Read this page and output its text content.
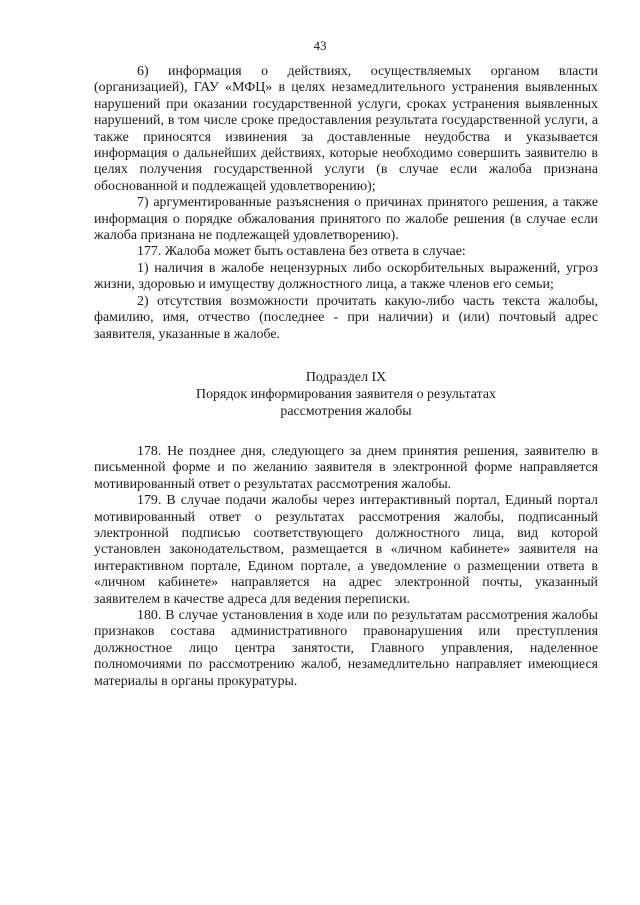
43

6) информация о действиях, осуществляемых органом власти (организацией), ГАУ «МФЦ» в целях незамедлительного устранения выявленных нарушений при оказании государственной услуги, сроках устранения выявленных нарушений, в том числе сроке предоставления результата государственной услуги, а также приносятся извинения за доставленные неудобства и указывается информация о дальнейших действиях, которые необходимо совершить заявителю в целях получения государственной услуги (в случае если жалоба признана обоснованной и подлежащей удовлетворению);

7) аргументированные разъяснения о причинах принятого решения, а также информация о порядке обжалования принятого по жалобе решения (в случае если жалоба признана не подлежащей удовлетворению).

177. Жалоба может быть оставлена без ответа в случае:

1) наличия в жалобе нецензурных либо оскорбительных выражений, угроз жизни, здоровью и имуществу должностного лица, а также членов его семьи;

2) отсутствия возможности прочитать какую-либо часть текста жалобы, фамилию, имя, отчество (последнее - при наличии) и (или) почтовый адрес заявителя, указанные в жалобе.

Подраздел IX
Порядок информирования заявителя о результатах
рассмотрения жалобы

178. Не позднее дня, следующего за днем принятия решения, заявителю в письменной форме и по желанию заявителя в электронной форме направляется мотивированный ответ о результатах рассмотрения жалобы.

179. В случае подачи жалобы через интерактивный портал, Единый портал мотивированный ответ о результатах рассмотрения жалобы, подписанный электронной подписью соответствующего должностного лица, вид которой установлен законодательством, размещается в «личном кабинете» заявителя на интерактивном портале, Едином портале, а уведомление о размещении ответа в «личном кабинете» направляется на адрес электронной почты, указанный заявителем в качестве адреса для ведения переписки.

180. В случае установления в ходе или по результатам рассмотрения жалобы признаков состава административного правонарушения или преступления должностное лицо центра занятости, Главного управления, наделенное полномочиями по рассмотрению жалоб, незамедлительно направляет имеющиеся материалы в органы прокуратуры.
